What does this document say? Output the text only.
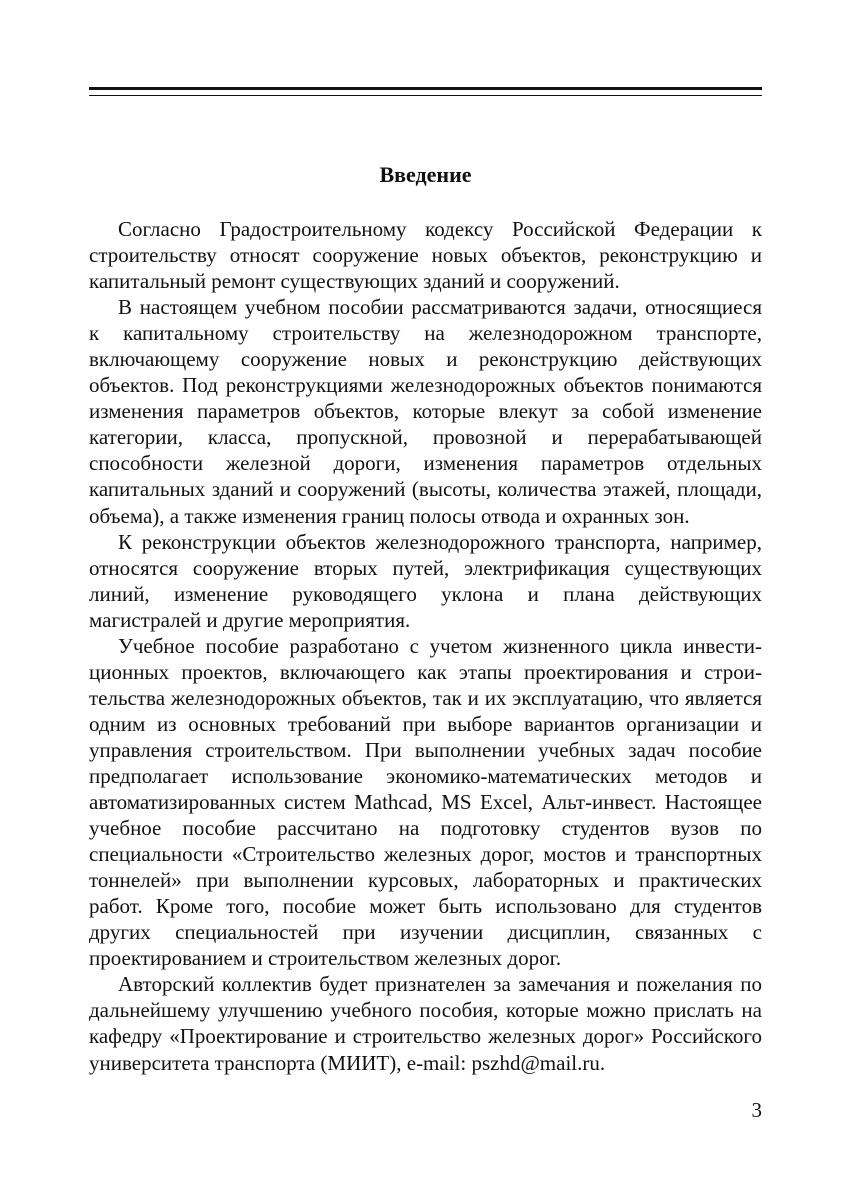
Введение

Согласно Градостроительному кодексу Российской Федерации к строительству относят сооружение новых объектов, реконструкцию и капитальный ремонт существующих зданий и сооружений.

В настоящем учебном пособии рассматриваются задачи, относящиеся к капитальному строительству на железнодорожном транспорте, включающему сооружение новых и реконструкцию действующих объектов. Под реконструкциями железнодорожных объектов понимаются изменения параметров объектов, которые влекут за собой изменение категории, класса, пропускной, провозной и перерабатывающей способности железной дороги, изменения параметров отдельных капитальных зданий и сооружений (высоты, количества этажей, площади, объема), а также изменения границ полосы отвода и охранных зон.

К реконструкции объектов железнодорожного транспорта, например, относятся сооружение вторых путей, электрификация существующих линий, изменение руководящего уклона и плана действующих магистралей и другие мероприятия.

Учебное пособие разработано с учетом жизненного цикла инвестиционных проектов, включающего как этапы проектирования и строительства железнодорожных объектов, так и их эксплуатацию, что является одним из основных требований при выборе вариантов организации и управления строительством. При выполнении учебных задач пособие предполагает использование экономико-математических методов и автоматизированных систем Mathcad, MS Excel, Альт-инвест. Настоящее учебное пособие рассчитано на подготовку студентов вузов по специальности «Строительство железных дорог, мостов и транспортных тоннелей» при выполнении курсовых, лабораторных и практических работ. Кроме того, пособие может быть использовано для студентов других специальностей при изучении дисциплин, связанных с проектированием и строительством железных дорог.

Авторский коллектив будет признателен за замечания и пожелания по дальнейшему улучшению учебного пособия, которые можно прислать на кафедру «Проектирование и строительство железных дорог» Российского университета транспорта (МИИТ), e-mail: pszhd@mail.ru.

3
